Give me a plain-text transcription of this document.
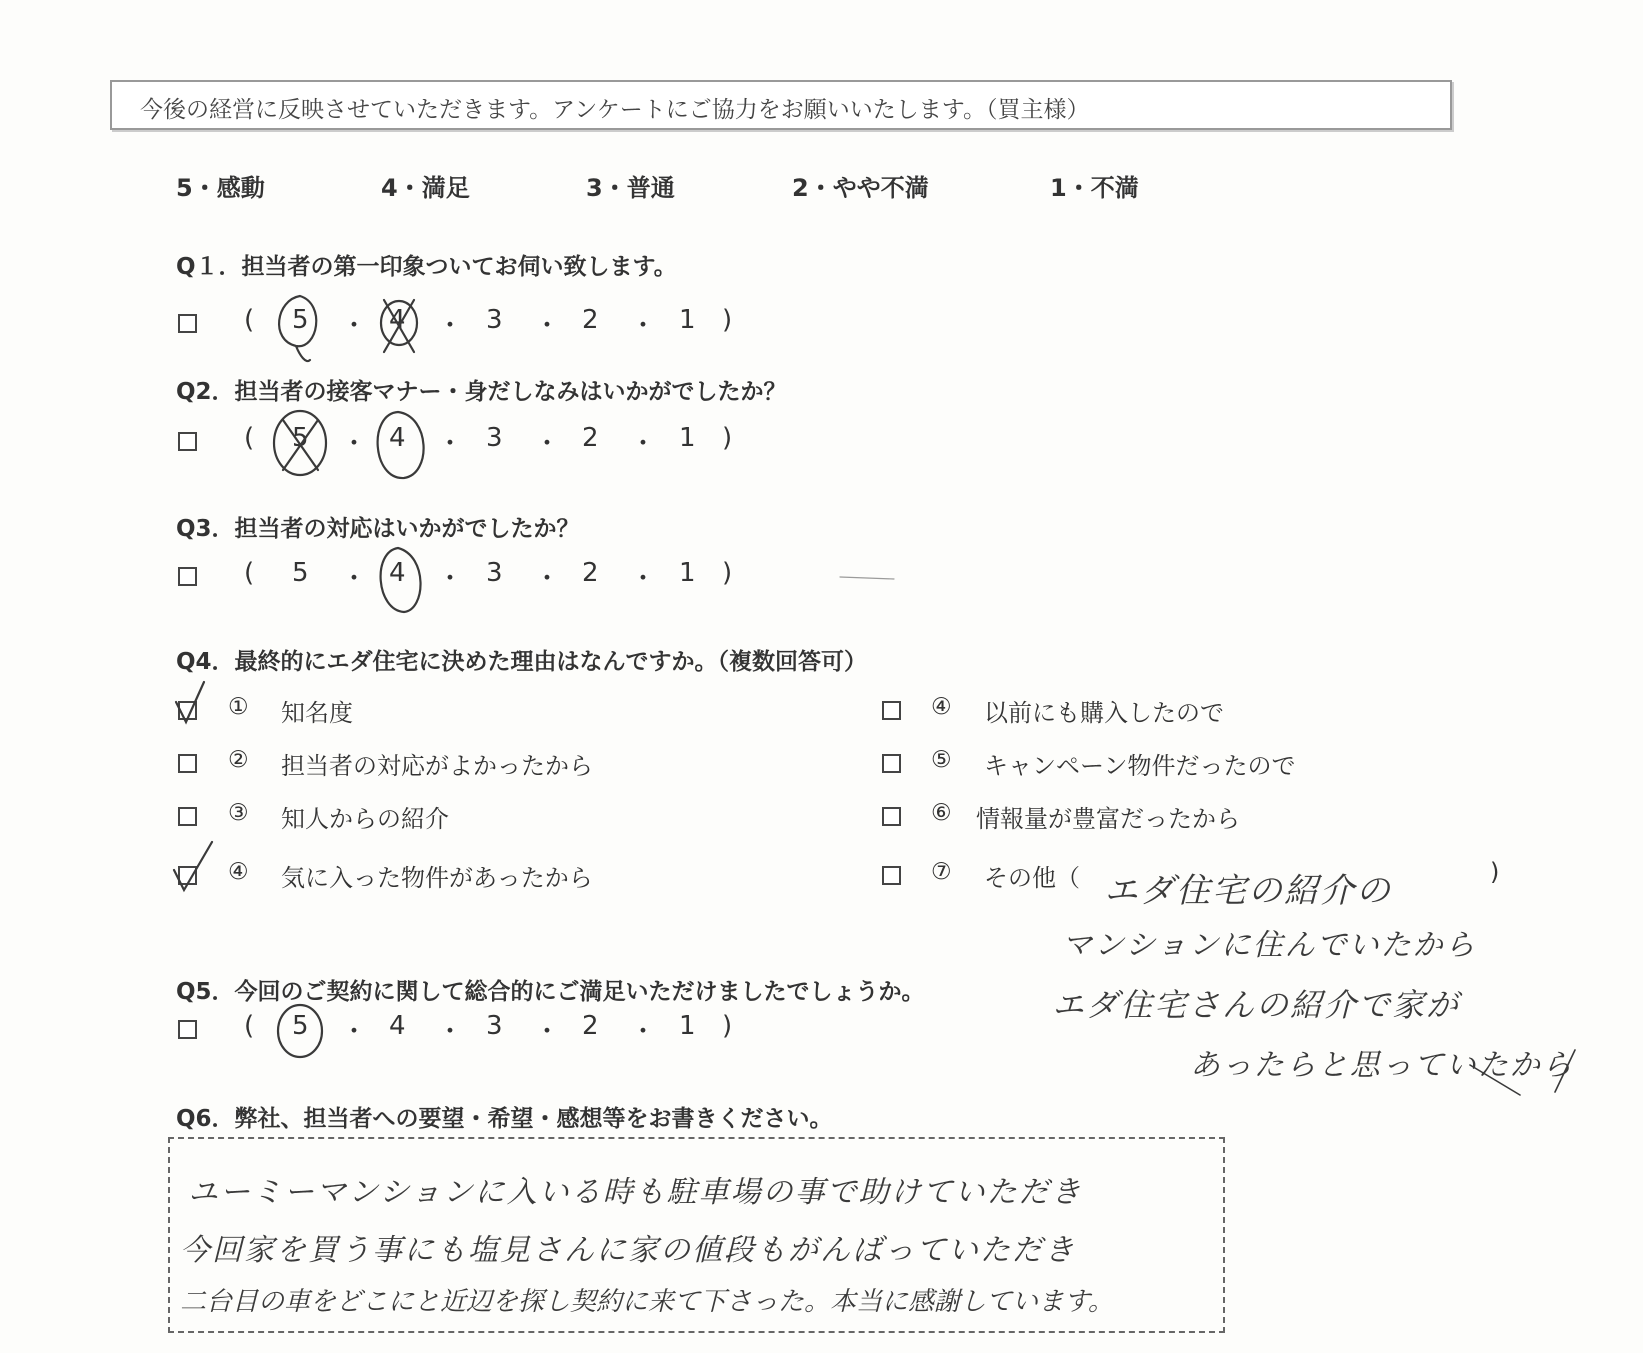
今後の経営に反映させていただきます。アンケートにご協力をお願いいたします。（買主様）
5・感動	4・満足	3・普通	2・やや不満	1・不満
Q１．担当者の第一印象ついてお伺い致します。
( 5 ・ 4 ・ 3 ・ 2 ・ 1 )
Q2．担当者の接客マナー・身だしなみはいかがでしたか？
( 5 ・ 4 ・ 3 ・ 2 ・ 1 )
Q3．担当者の対応はいかがでしたか？
( 5 ・ 4 ・ 3 ・ 2 ・ 1 )
Q4．最終的にエダ住宅に決めた理由はなんですか。（複数回答可）
① 知名度
② 担当者の対応がよかったから
③ 知人からの紹介
④ 気に入った物件があったから
④ 以前にも購入したので
⑤ キャンペーン物件だったので
⑥ 情報量が豊富だったから
⑦ その他（	)
エダ住宅の紹介の
マンションに住んでいたから
エダ住宅さんの紹介で家が
あったらと思っていたから
Q5．今回のご契約に関して総合的にご満足いただけましたでしょうか。
( 5 ・ 4 ・ 3 ・ 2 ・ 1 )
Q6．弊社、担当者への要望・希望・感想等をお書きください。
ユーミーマンションに入いる時も駐車場の事で助けていただき
今回家を買う事にも塩見さんに家の値段もがんばっていただき
二台目の車をどこにと近辺を探し契約に来て下さった。本当に感謝しています。
